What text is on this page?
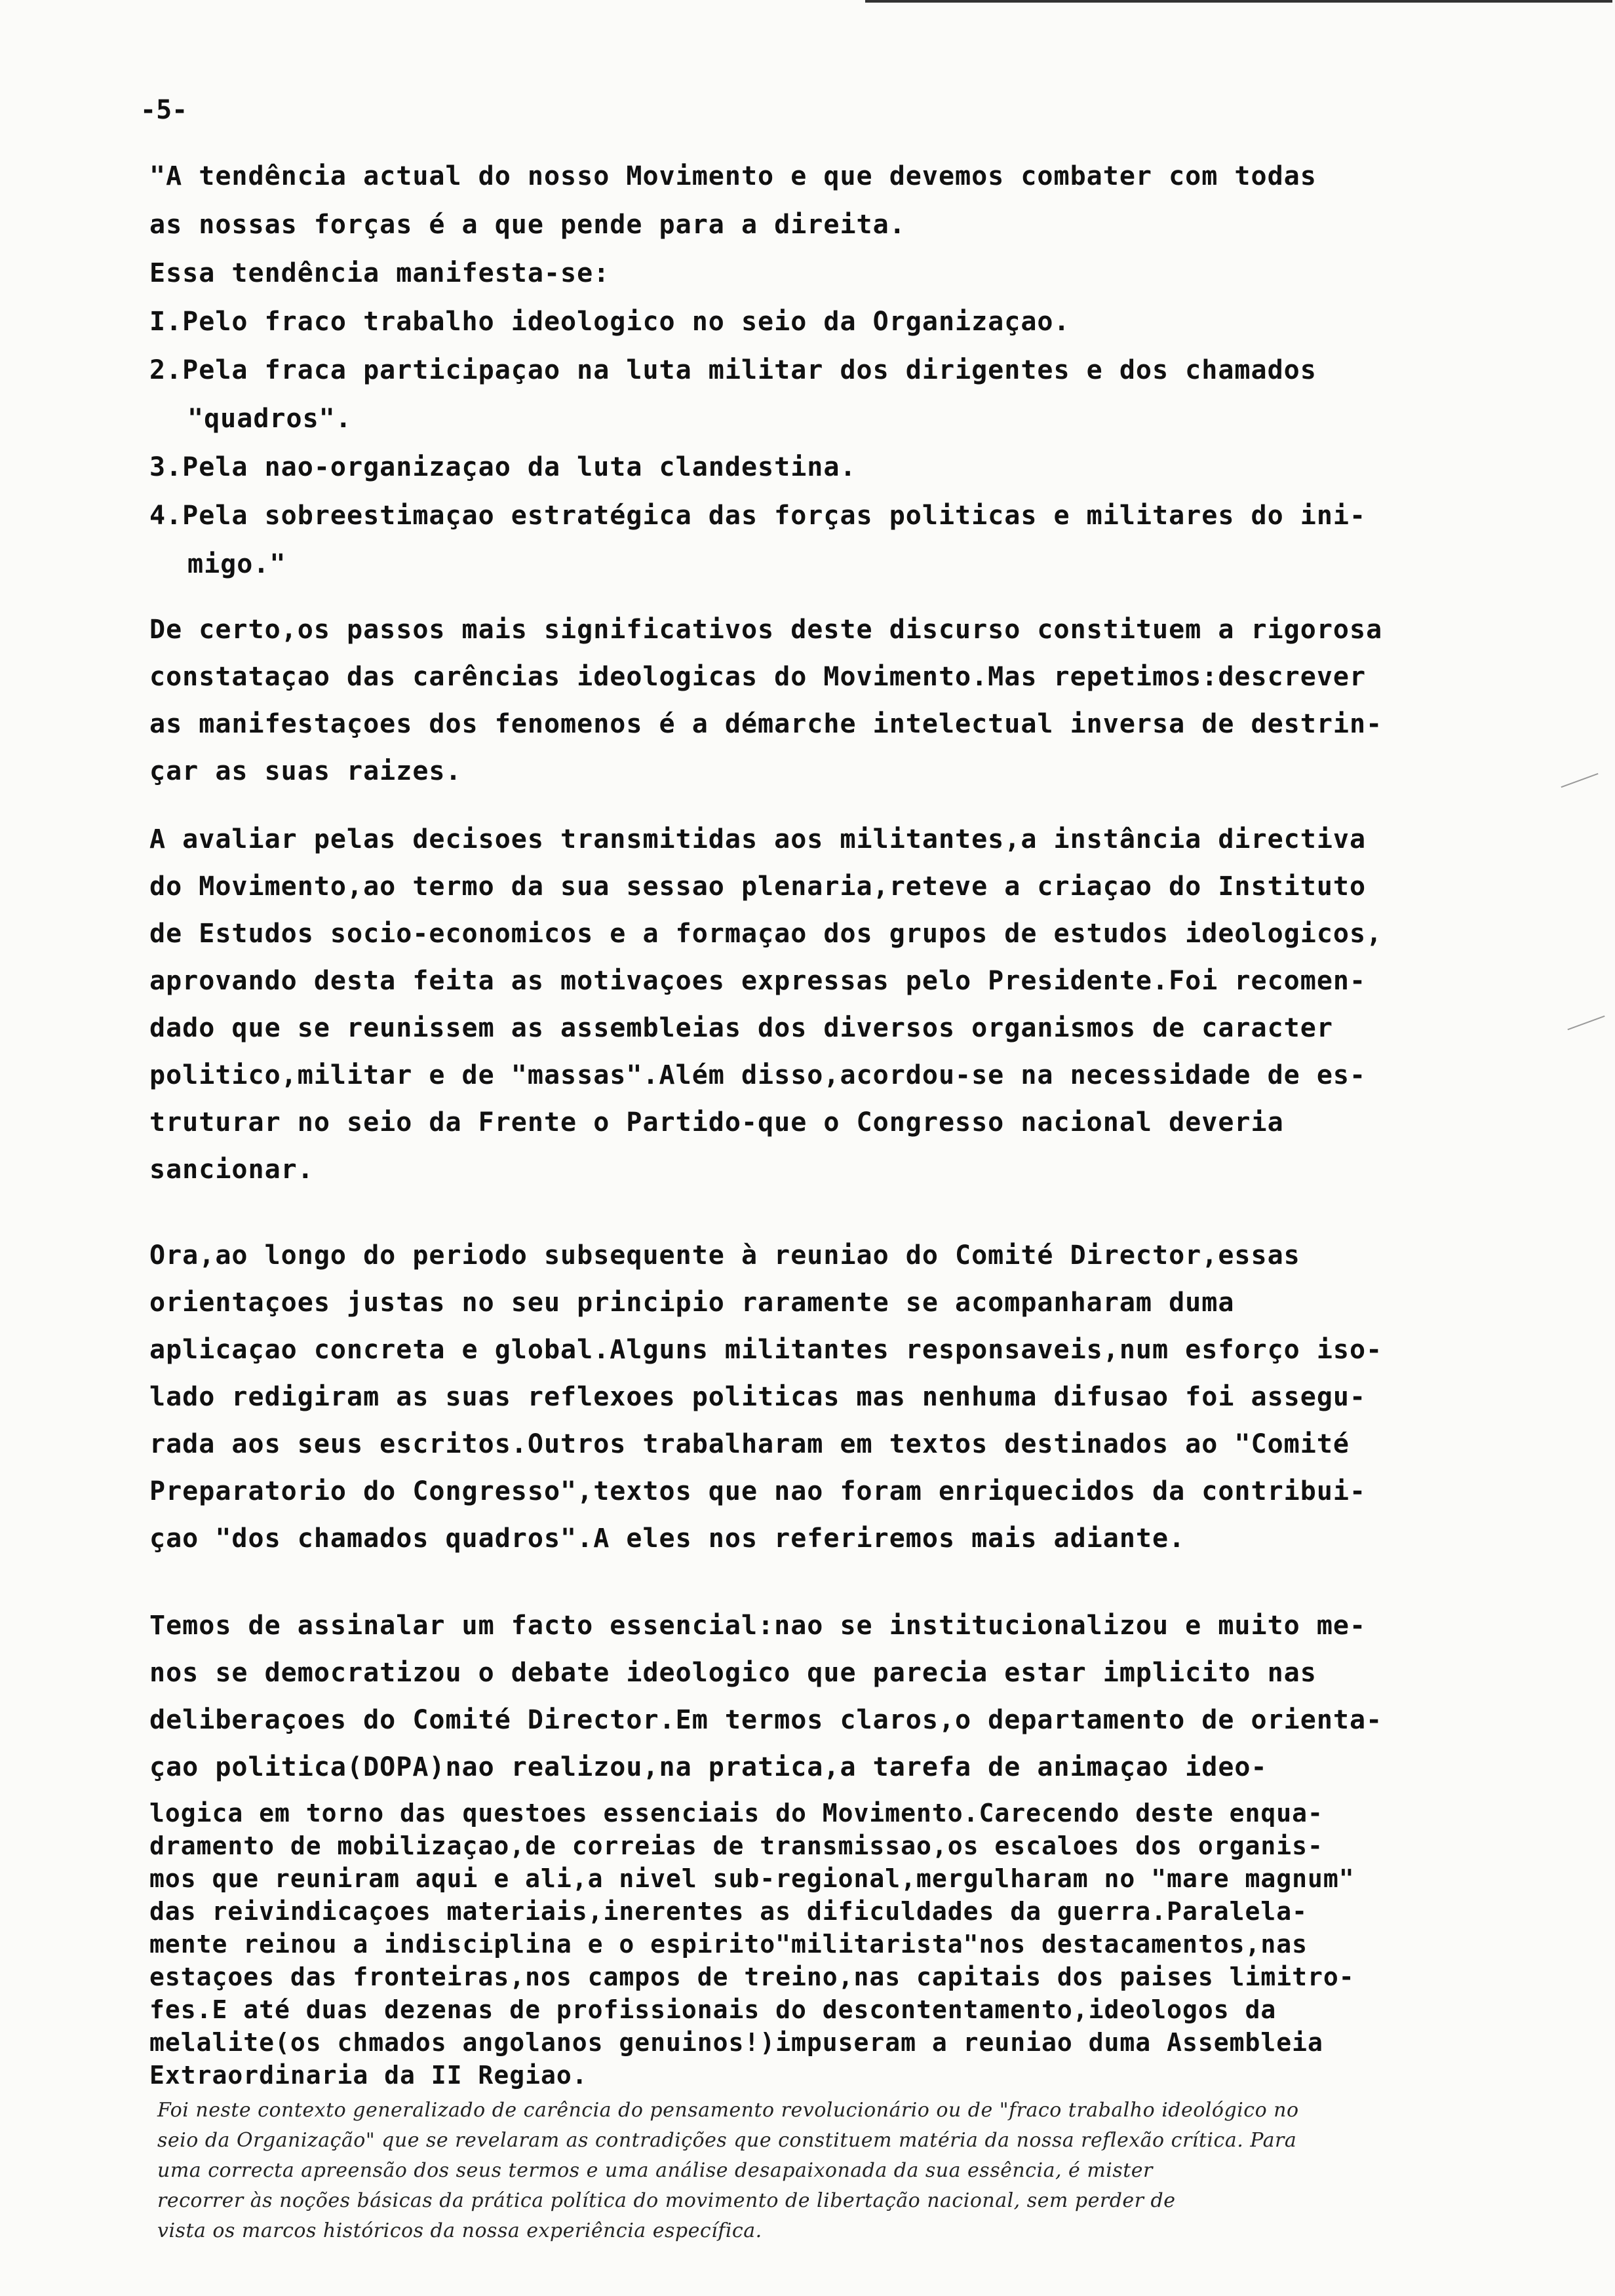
-5-
"A tendência actual do nosso Movimento e que devemos combater com todas
as nossas forças é a que pende para a direita.
Essa tendência manifesta-se:
I.Pelo fraco trabalho ideologico no seio da Organizaçao.
2.Pela fraca participaçao na luta militar dos dirigentes e dos chamados
"quadros".
3.Pela nao-organizaçao da luta clandestina.
4.Pela sobreestimaçao estratégica das forças politicas e militares do ini-
migo."
De certo,os passos mais significativos deste discurso constituem a rigorosa
constataçao das carências ideologicas do Movimento.Mas repetimos:descrever
as manifestaçoes dos fenomenos é a démarche intelectual inversa de destrin-
çar as suas raizes.
A avaliar pelas decisoes transmitidas aos militantes,a instância directiva
do Movimento,ao termo da sua sessao plenaria,reteve a criaçao do Instituto
de Estudos socio-economicos e a formaçao dos grupos de estudos ideologicos,
aprovando desta feita as motivaçoes expressas pelo Presidente.Foi recomen-
dado que se reunissem as assembleias dos diversos organismos de caracter
politico,militar e de "massas".Além disso,acordou-se na necessidade de es-
truturar no seio da Frente o Partido-que o Congresso nacional deveria
sancionar.
Ora,ao longo do periodo subsequente à reuniao do Comité Director,essas
orientaçoes justas no seu principio raramente se acompanharam duma
aplicaçao concreta e global.Alguns militantes responsaveis,num esforço iso-
lado redigiram as suas reflexoes politicas mas nenhuma difusao foi assegu-
rada aos seus escritos.Outros trabalharam em textos destinados ao "Comité
Preparatorio do Congresso",textos que nao foram enriquecidos da contribui-
çao "dos chamados quadros".A eles nos referiremos mais adiante.
Temos de assinalar um facto essencial:nao se institucionalizou e muito me-
nos se democratizou o debate ideologico que parecia estar implicito nas
deliberaçoes do Comité Director.Em termos claros,o departamento de orienta-
çao politica(DOPA)nao realizou,na pratica,a tarefa de animaçao ideo-
logica em torno das questoes essenciais do Movimento.Carecendo deste enqua-
dramento de mobilizaçao,de correias de transmissao,os escaloes dos organis-
mos que reuniram aqui e ali,a nivel sub-regional,mergulharam no "mare magnum"
das reivindicaçoes materiais,inerentes as dificuldades da guerra.Paralela-
mente reinou a indisciplina e o espirito"militarista"nos destacamentos,nas
estaçoes das fronteiras,nos campos de treino,nas capitais dos paises limitro-
fes.E até duas dezenas de profissionais do descontentamento,ideologos da
melalite(os chmados angolanos genuinos!)impuseram a reuniao duma Assembleia
Extraordinaria da II Regiao.
Foi neste contexto generalizado de carência do pensamento revolucionário ou de "fraco trabalho ideológico no
seio da Organização" que se revelaram as contradições que constituem matéria da nossa reflexão crítica. Para
uma correcta apreensão dos seus termos e uma análise desapaixonada da sua essência, é mister
recorrer às noções básicas da prática política do movimento de libertação nacional, sem perder de
vista os marcos históricos da nossa experiência específica.
